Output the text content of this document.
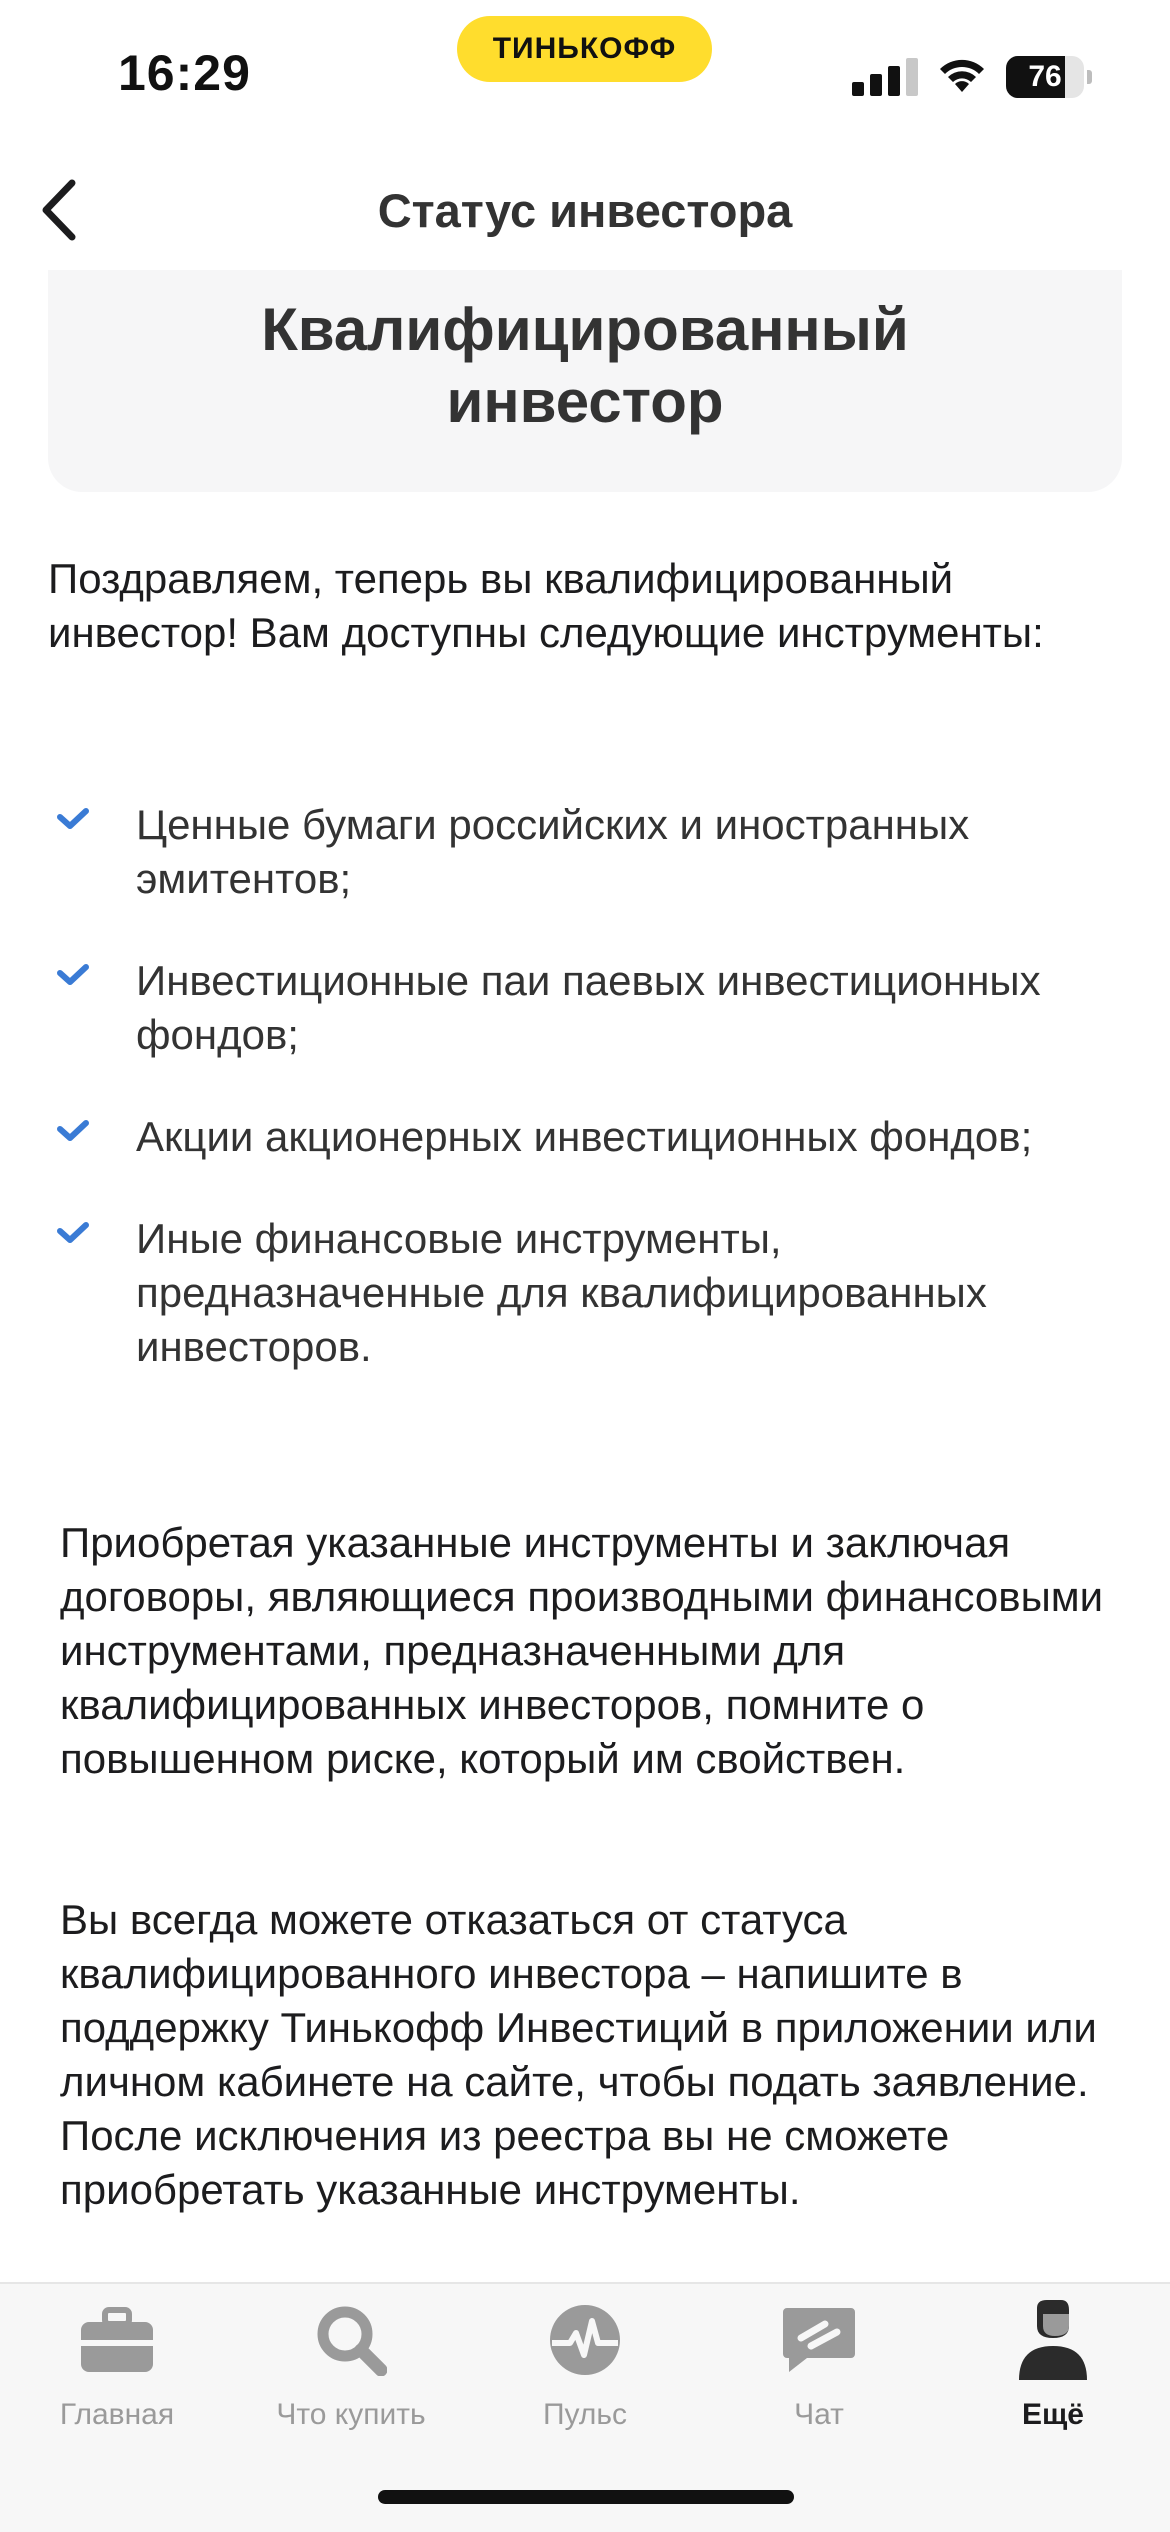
16:29	ТИНЬКОФФ
76
Статус инвестора
Квалифицированный инвестор
Поздравляем, теперь вы квалифицированный инвестор! Вам доступны следующие инструменты:
Ценные бумаги российских и иностранных эмитентов;
Инвестиционные паи паевых инвестиционных фондов;
Акции акционерных инвестиционных фондов;
Иные финансовые инструменты, предназначенные для квалифицированных инвесторов.
Приобретая указанные инструменты и заключая договоры, являющиеся производными финансовыми инструментами, предназначенными для квалифицированных инвесторов, помните о повышенном риске, который им свойствен.
Вы всегда можете отказаться от статуса квалифицированного инвестора – напишите в поддержку Тинькофф Инвестиций в приложении или личном кабинете на сайте, чтобы подать заявление. После исключения из реестра вы не сможете приобретать указанные инструменты.
Главная	Что купить	Пульс	Чат	Ещё
